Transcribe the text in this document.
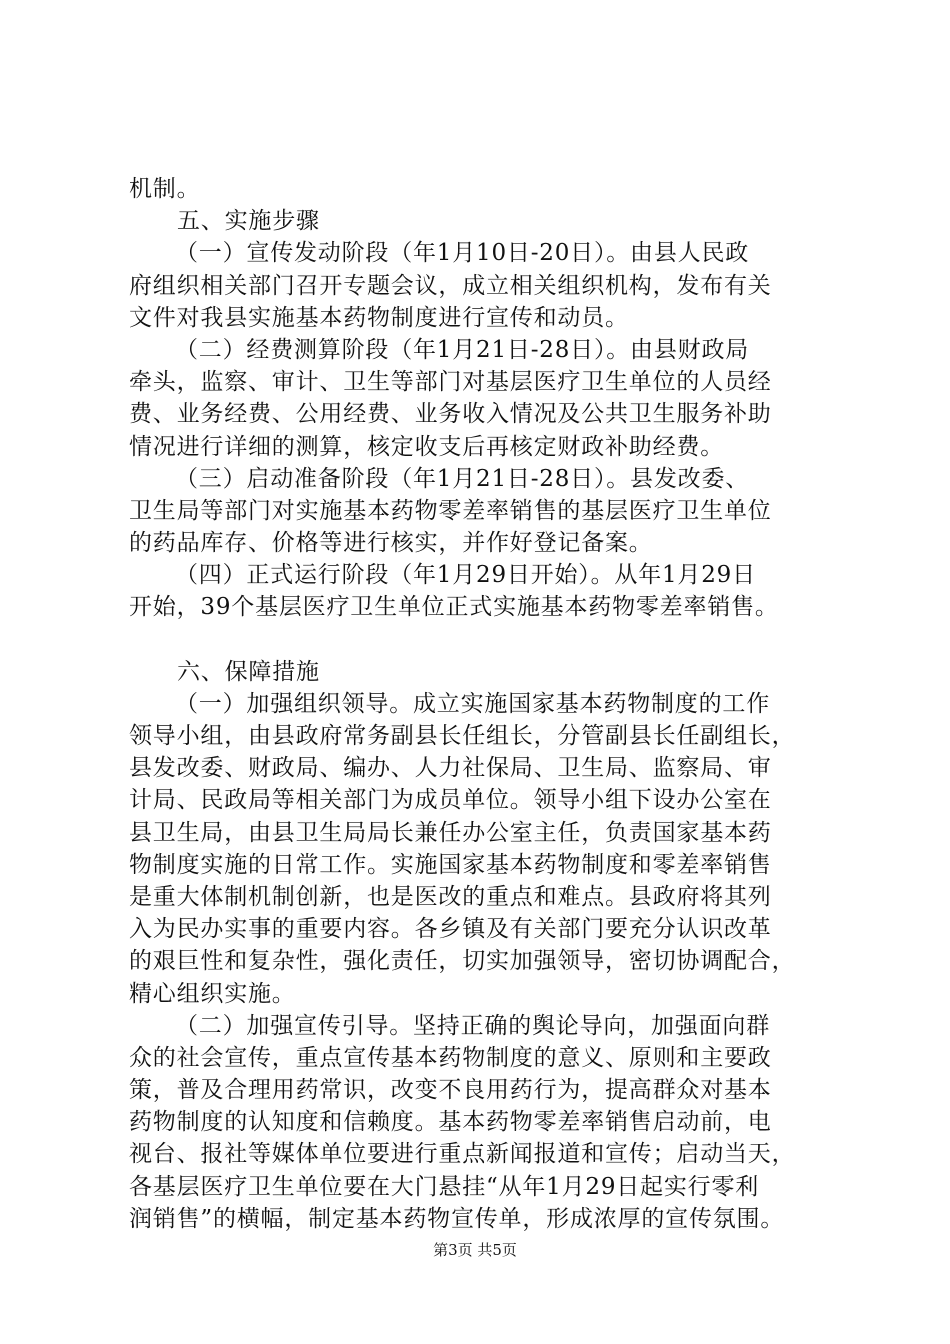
机制。
五、实施步骤
（一）宣传发动阶段（年1月10日-20日）。由县人民政
府组织相关部门召开专题会议，成立相关组织机构，发布有关
文件对我县实施基本药物制度进行宣传和动员。
（二）经费测算阶段（年1月21日-28日）。由县财政局
牵头，监察、审计、卫生等部门对基层医疗卫生单位的人员经
费、业务经费、公用经费、业务收入情况及公共卫生服务补助
情况进行详细的测算，核定收支后再核定财政补助经费。
（三）启动准备阶段（年1月21日-28日）。县发改委、
卫生局等部门对实施基本药物零差率销售的基层医疗卫生单位
的药品库存、价格等进行核实，并作好登记备案。
（四）正式运行阶段（年1月29日开始）。从年1月29日
开始，39个基层医疗卫生单位正式实施基本药物零差率销售。
六、保障措施
（一）加强组织领导。成立实施国家基本药物制度的工作
领导小组，由县政府常务副县长任组长，分管副县长任副组长，
县发改委、财政局、编办、人力社保局、卫生局、监察局、审
计局、民政局等相关部门为成员单位。领导小组下设办公室在
县卫生局，由县卫生局局长兼任办公室主任，负责国家基本药
物制度实施的日常工作。实施国家基本药物制度和零差率销售
是重大体制机制创新，也是医改的重点和难点。县政府将其列
入为民办实事的重要内容。各乡镇及有关部门要充分认识改革
的艰巨性和复杂性，强化责任，切实加强领导，密切协调配合，
精心组织实施。
（二）加强宣传引导。坚持正确的舆论导向，加强面向群
众的社会宣传，重点宣传基本药物制度的意义、原则和主要政
策，普及合理用药常识，改变不良用药行为，提高群众对基本
药物制度的认知度和信赖度。基本药物零差率销售启动前，电
视台、报社等媒体单位要进行重点新闻报道和宣传；启动当天，
各基层医疗卫生单位要在大门悬挂“从年1月29日起实行零利
润销售”的横幅，制定基本药物宣传单，形成浓厚的宣传氛围。
第3页 共5页
